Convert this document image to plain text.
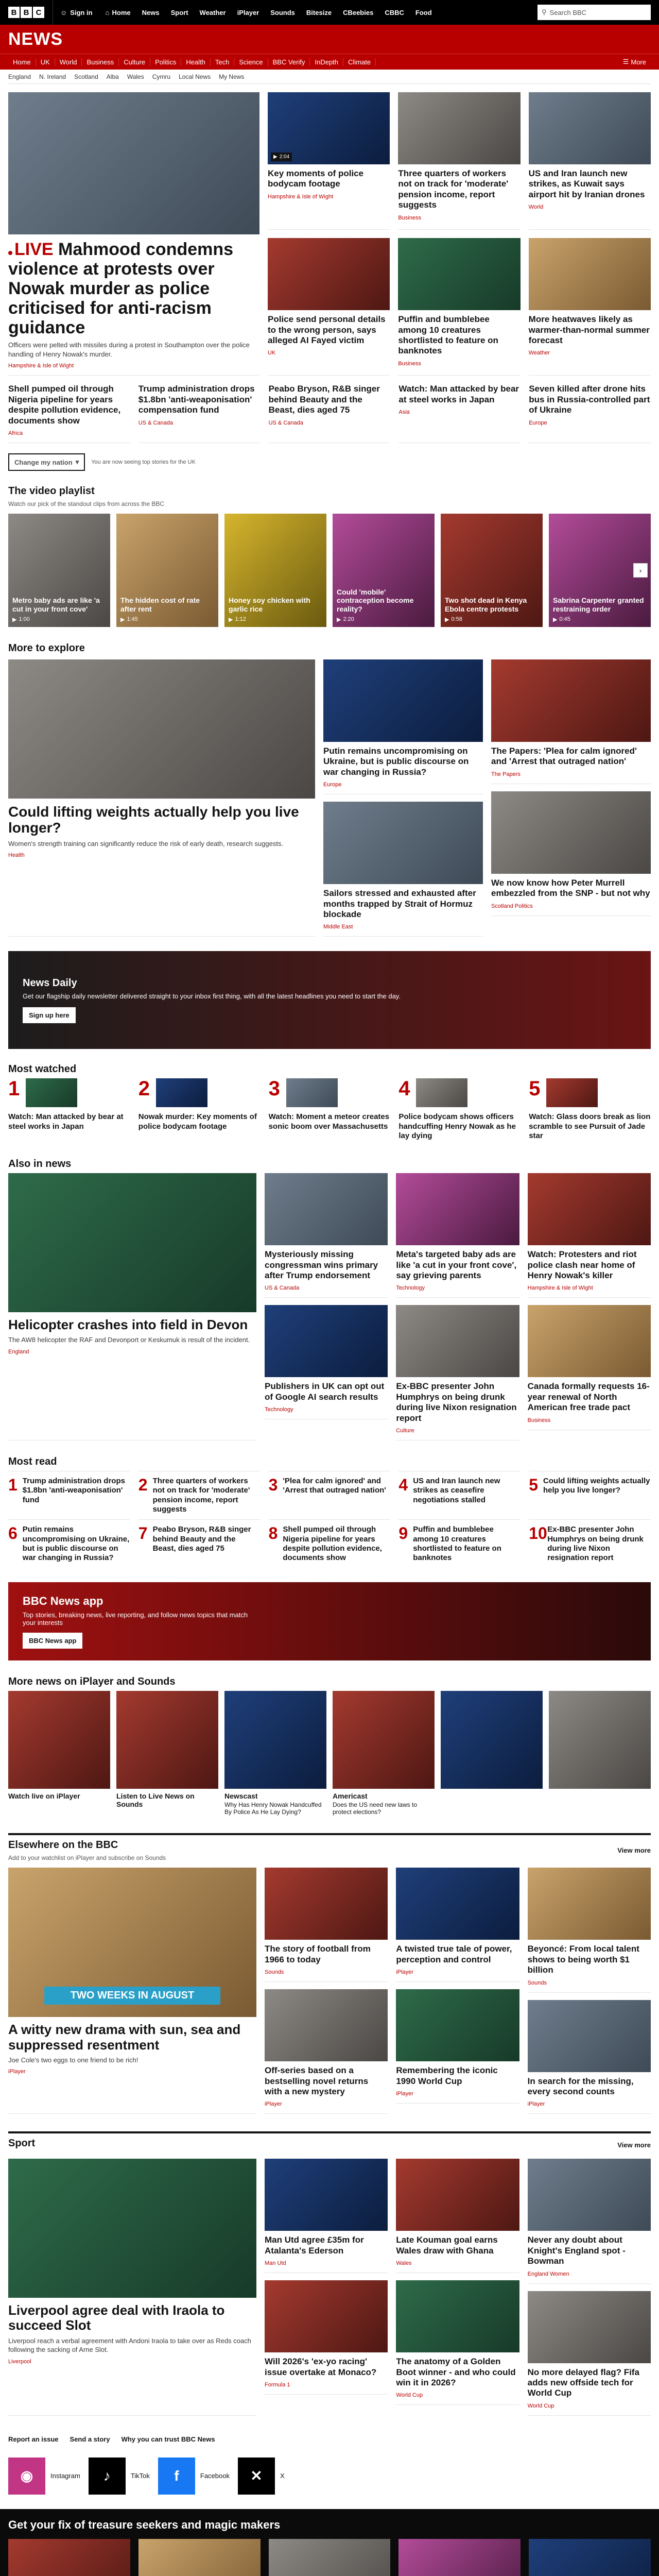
B B C	☺ Sign in ⌂ Home News Sport Weather iPlayer Sounds Bitesize CBeebies CBBC Food	⚲ Search BBC
NEWS
Home	UK	World	Business	Culture	Politics	Health	Tech	Science	BBC Verify	InDepth	Climate	☰ More
England N. Ireland Scotland Alba Wales Cymru Local News My News
LIVE Mahmood condemns violence at protests over Nowak murder as police criticised for anti-racism guidance
Officers were pelted with missiles during a protest in Southampton over the police handling of Henry Nowak's murder.
Hampshire & Isle of Wight
▶ 2:04
Key moments of police bodycam footage
Hampshire & Isle of Wight
Three quarters of workers not on track for 'moderate' pension income, report suggests
Business
US and Iran launch new strikes, as Kuwait says airport hit by Iranian drones
World
Police send personal details to the wrong person, says alleged AI Fayed victim
UK
Puffin and bumblebee among 10 creatures shortlisted to feature on banknotes
Business
More heatwaves likely as warmer-than-normal summer forecast
Weather
Shell pumped oil through Nigeria pipeline for years despite pollution evidence, documents show
Africa
Trump administration drops $1.8bn 'anti-weaponisation' compensation fund
US & Canada
Peabo Bryson, R&B singer behind Beauty and the Beast, dies aged 75
US & Canada
Watch: Man attacked by bear at steel works in Japan
Asia
Seven killed after drone hits bus in Russia-controlled part of Ukraine
Europe
Change my nation ▾ You are now seeing top stories for the UK
The video playlist
Watch our pick of the standout clips from across the BBC
Metro baby ads are like 'a cut in your front cove'
▶ 1:00
The hidden cost of rate after rent
▶ 1:45
Honey soy chicken with garlic rice
▶ 1:12
Could 'mobile' contraception become reality?
▶ 2:20
Two shot dead in Kenya Ebola centre protests
▶ 0:58
Sabrina Carpenter granted restraining order
▶ 0:45
›
More to explore
Could lifting weights actually help you live longer?
Women's strength training can significantly reduce the risk of early death, research suggests.
Health
Putin remains uncompromising on Ukraine, but is public discourse on war changing in Russia?
Europe
Sailors stressed and exhausted after months trapped by Strait of Hormuz blockade
Middle East
The Papers: 'Plea for calm ignored' and 'Arrest that outraged nation'
The Papers
We now know how Peter Murrell embezzled from the SNP - but not why
Scotland Politics
News Daily

Get our flagship daily newsletter delivered straight to your inbox first thing, with all the latest headlines you need to start the day.

Sign up here
Most watched
1
Watch: Man attacked by bear at steel works in Japan
2
Nowak murder: Key moments of police bodycam footage
3
Watch: Moment a meteor creates sonic boom over Massachusetts
4
Police bodycam shows officers handcuffing Henry Nowak as he lay dying
5
Watch: Glass doors break as lion scramble to see Pursuit of Jade star
Also in news
Helicopter crashes into field in Devon
The AW8 helicopter the RAF and Devonport or Keskumuk is result of the incident.
England
Mysteriously missing congressman wins primary after Trump endorsement
US & Canada
Publishers in UK can opt out of Google AI search results
Technology
Meta's targeted baby ads are like 'a cut in your front cove', say grieving parents
Technology
Ex-BBC presenter John Humphrys on being drunk during live Nixon resignation report
Culture
Watch: Protesters and riot police clash near home of Henry Nowak's killer
Hampshire & Isle of Wight
Canada formally requests 16-year renewal of North American free trade pact
Business
Most read
1 Trump administration drops $1.8bn 'anti-weaponisation' fund
2 Three quarters of workers not on track for 'moderate' pension income, report suggests
3 'Plea for calm ignored' and 'Arrest that outraged nation' 4 US and Iran launch new strikes as ceasefire negotiations stalled
5 Could lifting weights actually help you live longer?
6 Putin remains uncompromising on Ukraine, but is public discourse on war changing in Russia?
7 Peabo Bryson, R&B singer behind Beauty and the Beast, dies aged 75
8 Shell pumped oil through Nigeria pipeline for years despite pollution evidence, documents show
9 Puffin and bumblebee among 10 creatures shortlisted to feature on banknotes
10 Ex-BBC presenter John Humphrys on being drunk during live Nixon resignation report
BBC News app

Top stories, breaking news, live reporting, and follow news topics that match your interests

BBC News app
More news on iPlayer and Sounds
Watch live on iPlayer	Listen to Live News on Sounds
Newscast
Why Has Henry Nowak Handcuffed By Police As He Lay Dying?
Americast
Does the US need new laws to protect elections?
Elsewhere on the BBC
Add to your watchlist on iPlayer and subscribe on Sounds
View more
TWO WEEKS IN AUGUST
A witty new drama with sun, sea and suppressed resentment
Joe Cole's two eggs to one friend to be rich!
iPlayer
The story of football from 1966 to today
Sounds
Off-series based on a bestselling novel returns with a new mystery
iPlayer
A twisted true tale of power, perception and control
iPlayer
Remembering the iconic 1990 World Cup
iPlayer
Beyoncé: From local talent shows to being worth $1 billion
Sounds
In search for the missing, every second counts
iPlayer
Sport	View more
Liverpool agree deal with Iraola to succeed Slot
Liverpool reach a verbal agreement with Andoni Iraola to take over as Reds coach following the sacking of Arne Slot.
Liverpool
Man Utd agree £35m for Atalanta's Ederson
Man Utd
Will 2026's 'ex-yo racing' issue overtake at Monaco?
Formula 1
Late Kouman goal earns Wales draw with Ghana
Wales
The anatomy of a Golden Boot winner - and who could win it in 2026?
World Cup
Never any doubt about Knight's England spot - Bowman
England Women
No more delayed flag? Fifa adds new offside tech for World Cup
World Cup
Report an issue Send a story Why you can trust BBC News
◉	Instagram	♪	TikTok	f	Facebook	✕	X
Get your fix of treasure seekers and magic makers
